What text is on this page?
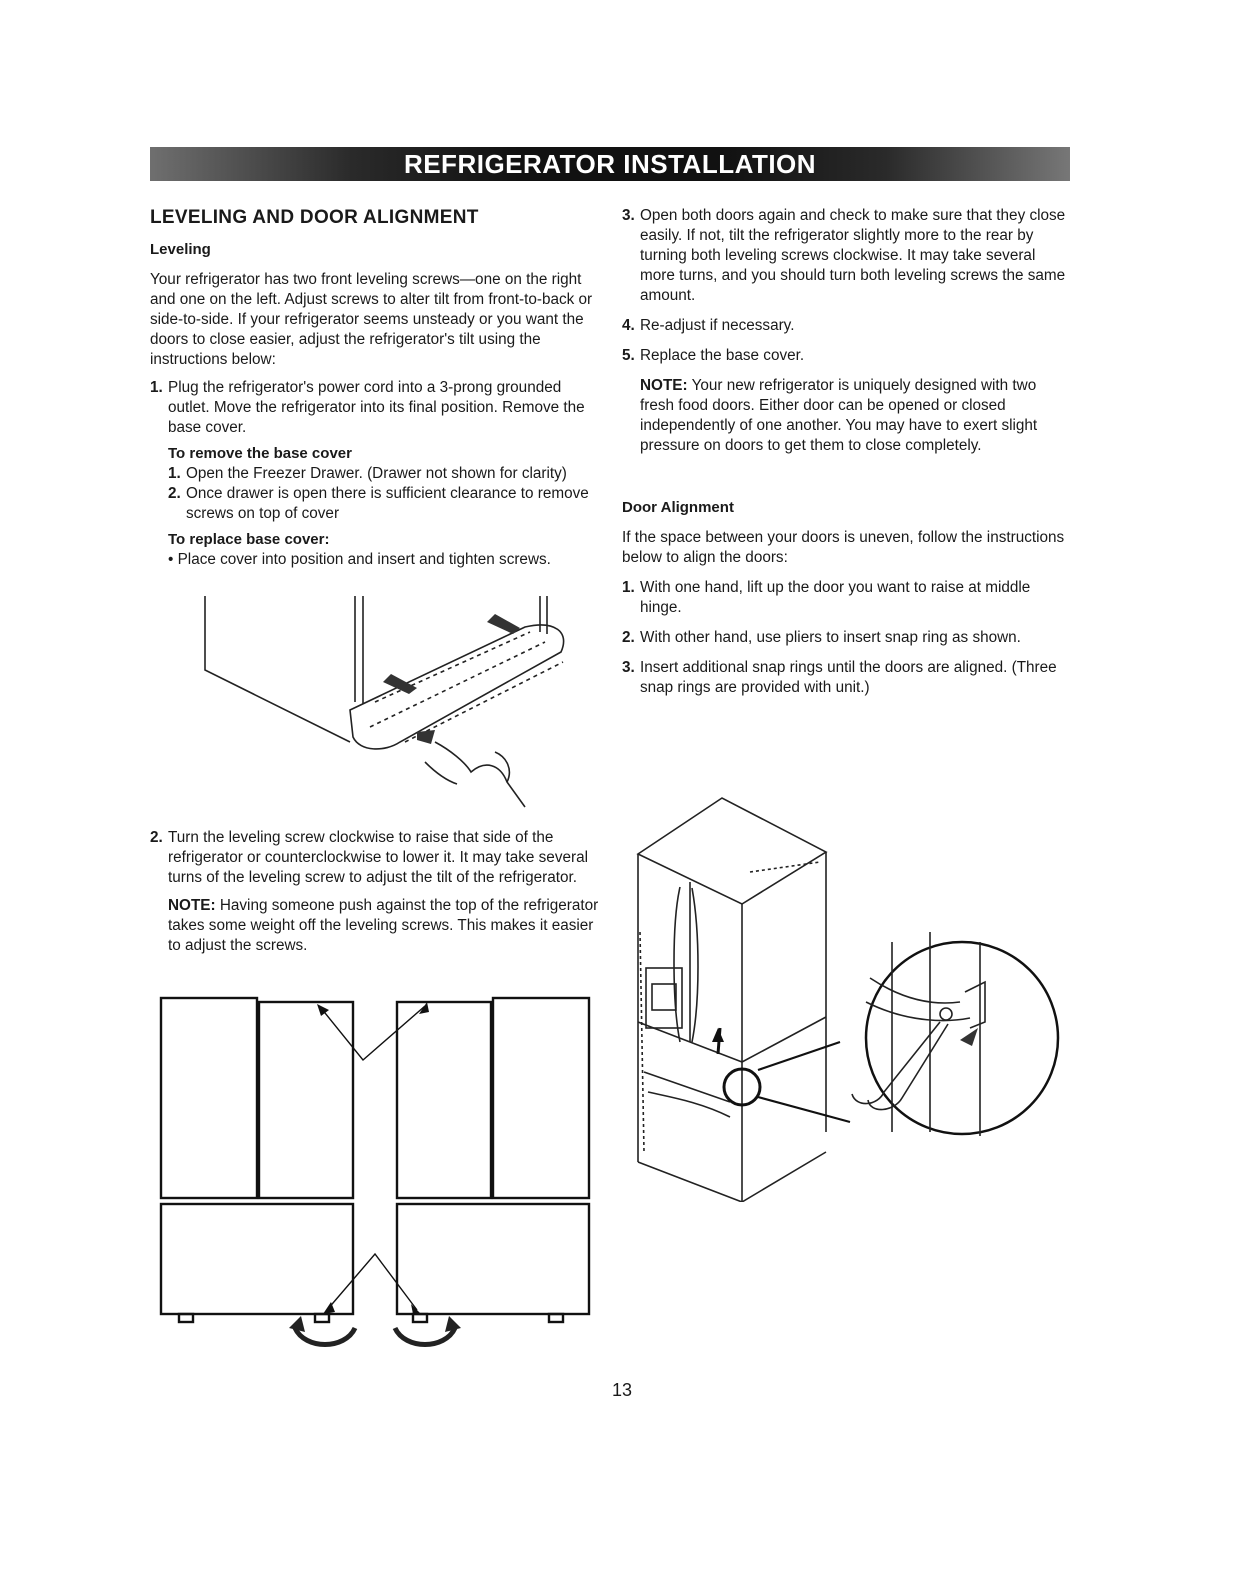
REFRIGERATOR INSTALLATION

LEVELING AND DOOR ALIGNMENT

Leveling

Your refrigerator has two front leveling screws—one on the right and one on the left. Adjust screws to alter tilt from front-to-back or side-to-side. If your refrigerator seems unsteady or you want the doors to close easier, adjust the refrigerator's tilt using the instructions below:

1. Plug the refrigerator's power cord into a 3-prong grounded outlet. Move the refrigerator into its final position. Remove the base cover.

To remove the base cover

1. Open the Freezer Drawer. (Drawer not shown for clarity)
2. Once drawer is open there is sufficient clearance to remove screws on top of cover

To replace base cover:

• Place cover into position and insert and tighten screws.

2. Turn the leveling screw clockwise to raise that side of the refrigerator or counterclockwise to lower it. It may take several turns of the leveling screw to adjust the tilt of the refrigerator.

NOTE: Having someone push against the top of the refrigerator takes some weight off the leveling screws. This makes it easier to adjust the screws.

3. Open both doors again and check to make sure that they close easily. If not, tilt the refrigerator slightly more to the rear by turning both leveling screws clockwise. It may take several more turns, and you should turn both leveling screws the same amount.
4. Re-adjust if necessary.
5. Replace the base cover.

NOTE: Your new refrigerator is uniquely designed with two fresh food doors. Either door can be opened or closed independently of one another. You may have to exert slight pressure on doors to get them to close completely.

Door Alignment

If the space between your doors is uneven, follow the instructions below to align the doors:

1. With one hand, lift up the door you want to raise at middle hinge.
2. With other hand, use pliers to insert snap ring as shown.
3. Insert additional snap rings until the doors are aligned. (Three snap rings are provided with unit.)
13
